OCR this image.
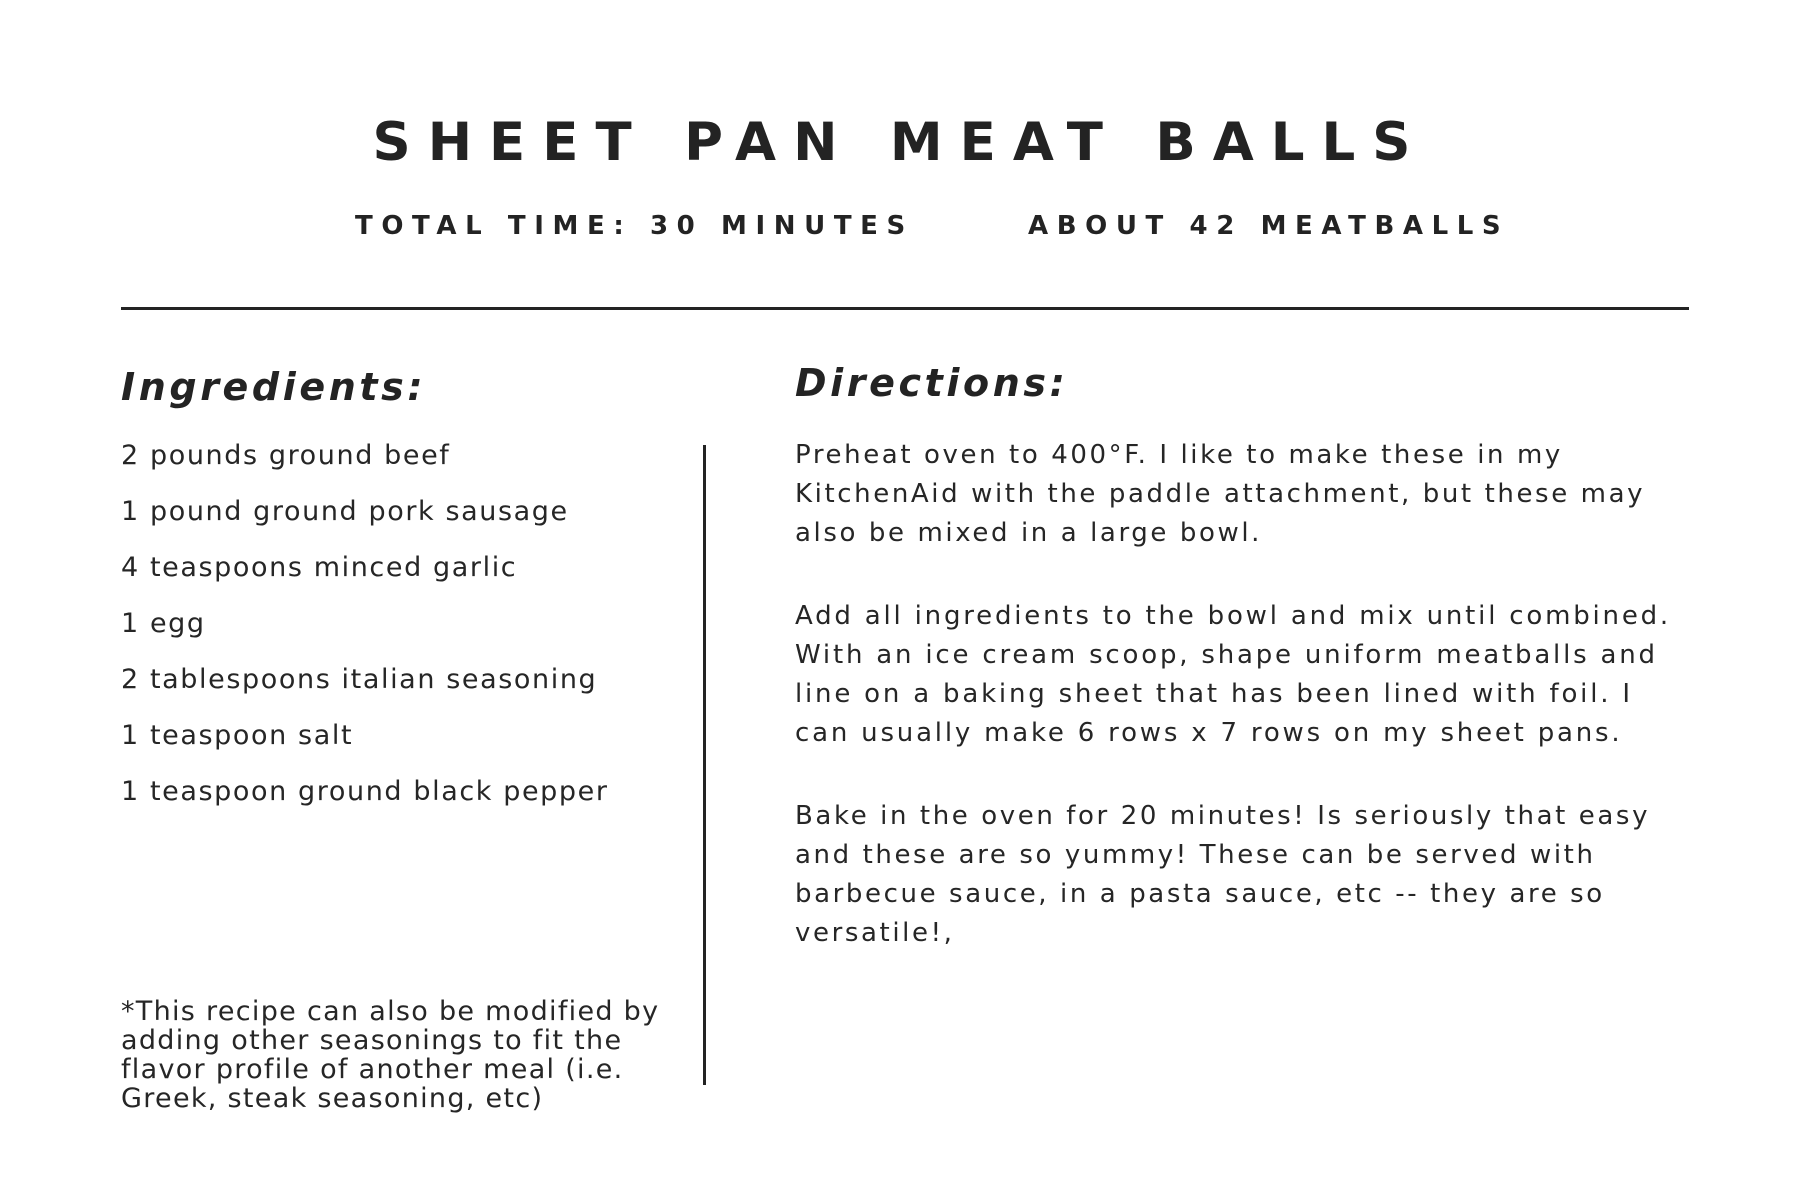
SHEET PAN MEAT BALLS
TOTAL TIME: 30 MINUTES	ABOUT 42 MEATBALLS
Ingredients:
2 pounds ground beef
1 pound ground pork sausage
4 teaspoons minced garlic
1 egg
2 tablespoons italian seasoning
1 teaspoon salt
1 teaspoon ground black pepper
*This recipe can also be modified by adding other seasonings to fit the flavor profile of another meal (i.e. Greek, steak seasoning, etc)
Directions:

Preheat oven to 400°F. I like to make these in my KitchenAid with the paddle attachment, but these may also be mixed in a large bowl.

Add all ingredients to the bowl and mix until combined. With an ice cream scoop, shape uniform meatballs and line on a baking sheet that has been lined with foil. I can usually make 6 rows x 7 rows on my sheet pans.

Bake in the oven for 20 minutes! Is seriously that easy and these are so yummy! These can be served with barbecue sauce, in a pasta sauce, etc -- they are so versatile!,
